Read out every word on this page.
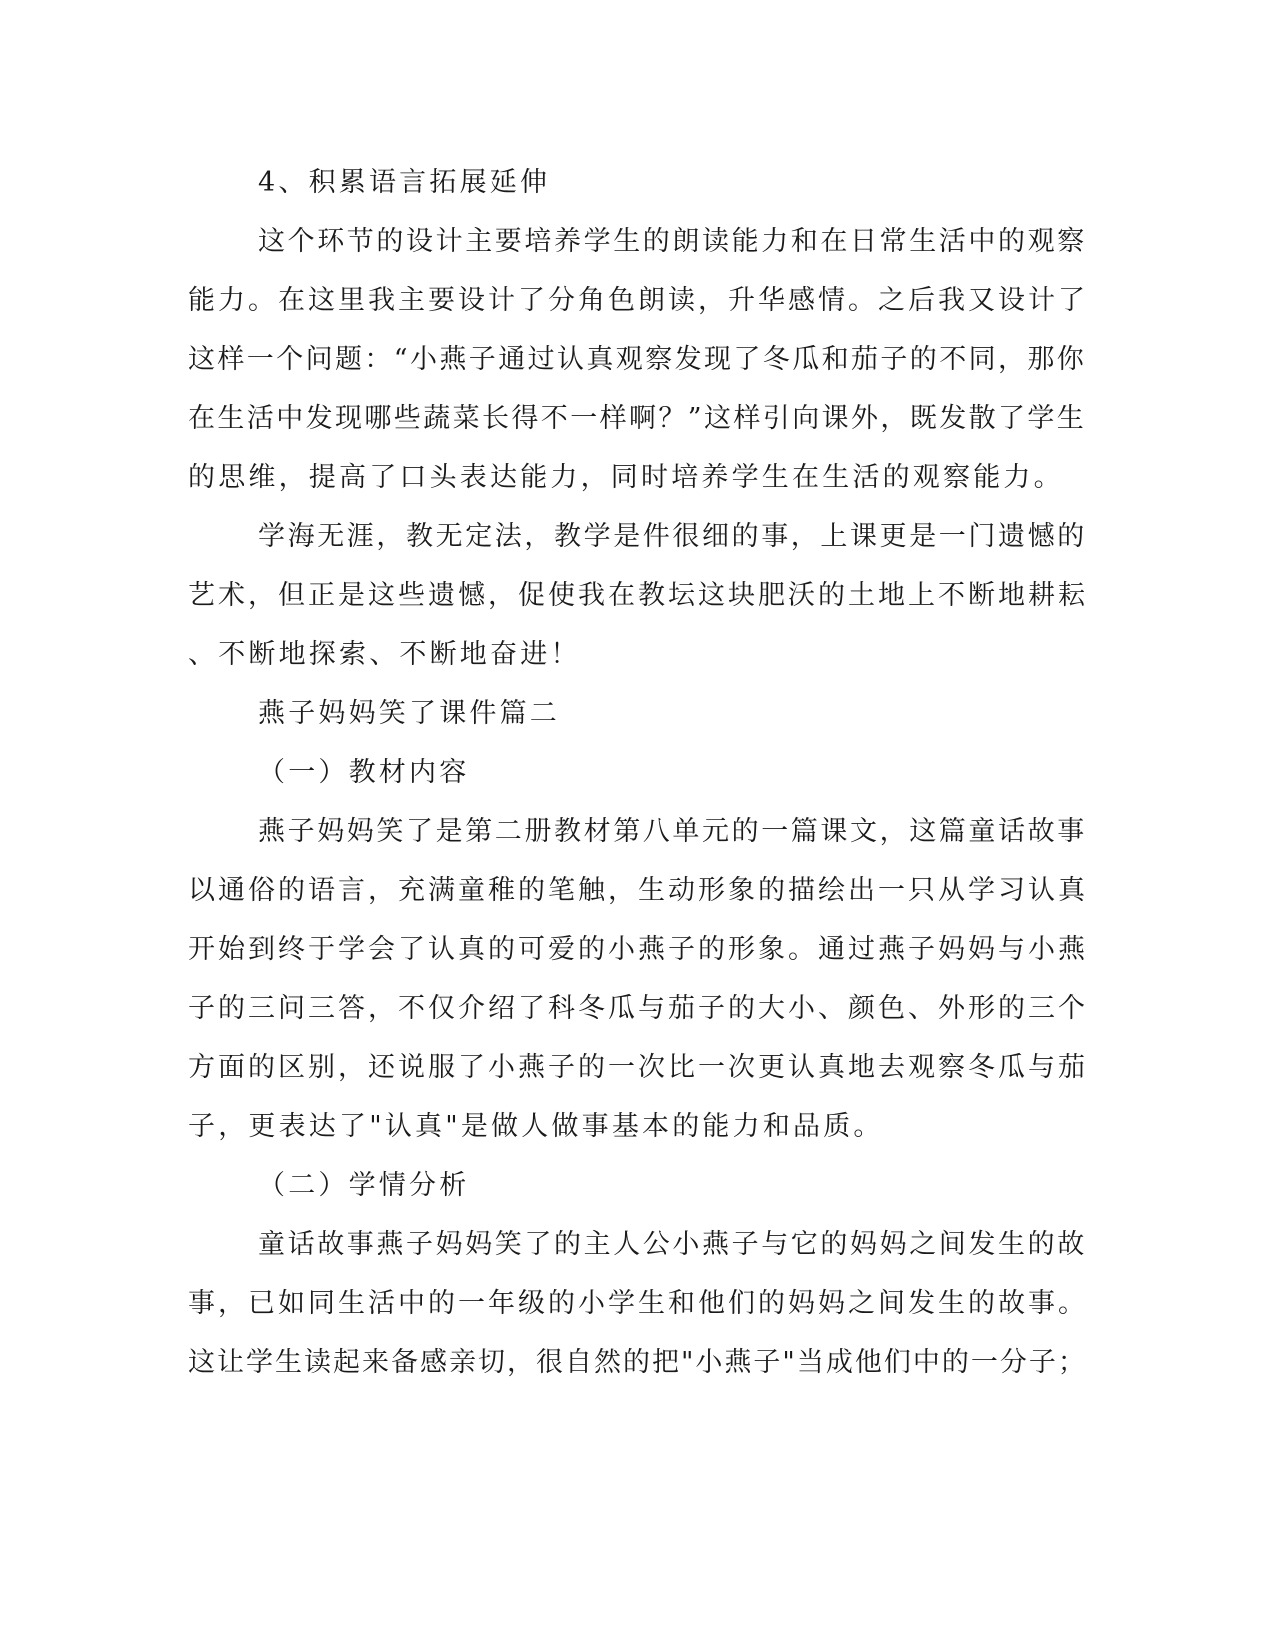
4、积累语言拓展延伸
这个环节的设计主要培养学生的朗读能力和在日常生活中的观察
能力。在这里我主要设计了分角色朗读，升华感情。之后我又设计了
这样一个问题：“小燕子通过认真观察发现了冬瓜和茄子的不同，那你
在生活中发现哪些蔬菜长得不一样啊？”这样引向课外，既发散了学生
的思维，提高了口头表达能力，同时培养学生在生活的观察能力。
学海无涯，教无定法，教学是件很细的事，上课更是一门遗憾的
艺术，但正是这些遗憾，促使我在教坛这块肥沃的土地上不断地耕耘
、不断地探索、不断地奋进！
燕子妈妈笑了课件篇二
（一）教材内容
燕子妈妈笑了是第二册教材第八单元的一篇课文，这篇童话故事
以通俗的语言，充满童稚的笔触，生动形象的描绘出一只从学习认真
开始到终于学会了认真的可爱的小燕子的形象。通过燕子妈妈与小燕
子的三问三答，不仅介绍了科冬瓜与茄子的大小、颜色、外形的三个
方面的区别，还说服了小燕子的一次比一次更认真地去观察冬瓜与茄
子，更表达了"认真"是做人做事基本的能力和品质。
（二）学情分析
童话故事燕子妈妈笑了的主人公小燕子与它的妈妈之间发生的故
事，已如同生活中的一年级的小学生和他们的妈妈之间发生的故事。
这让学生读起来备感亲切，很自然的把"小燕子"当成他们中的一分子；
